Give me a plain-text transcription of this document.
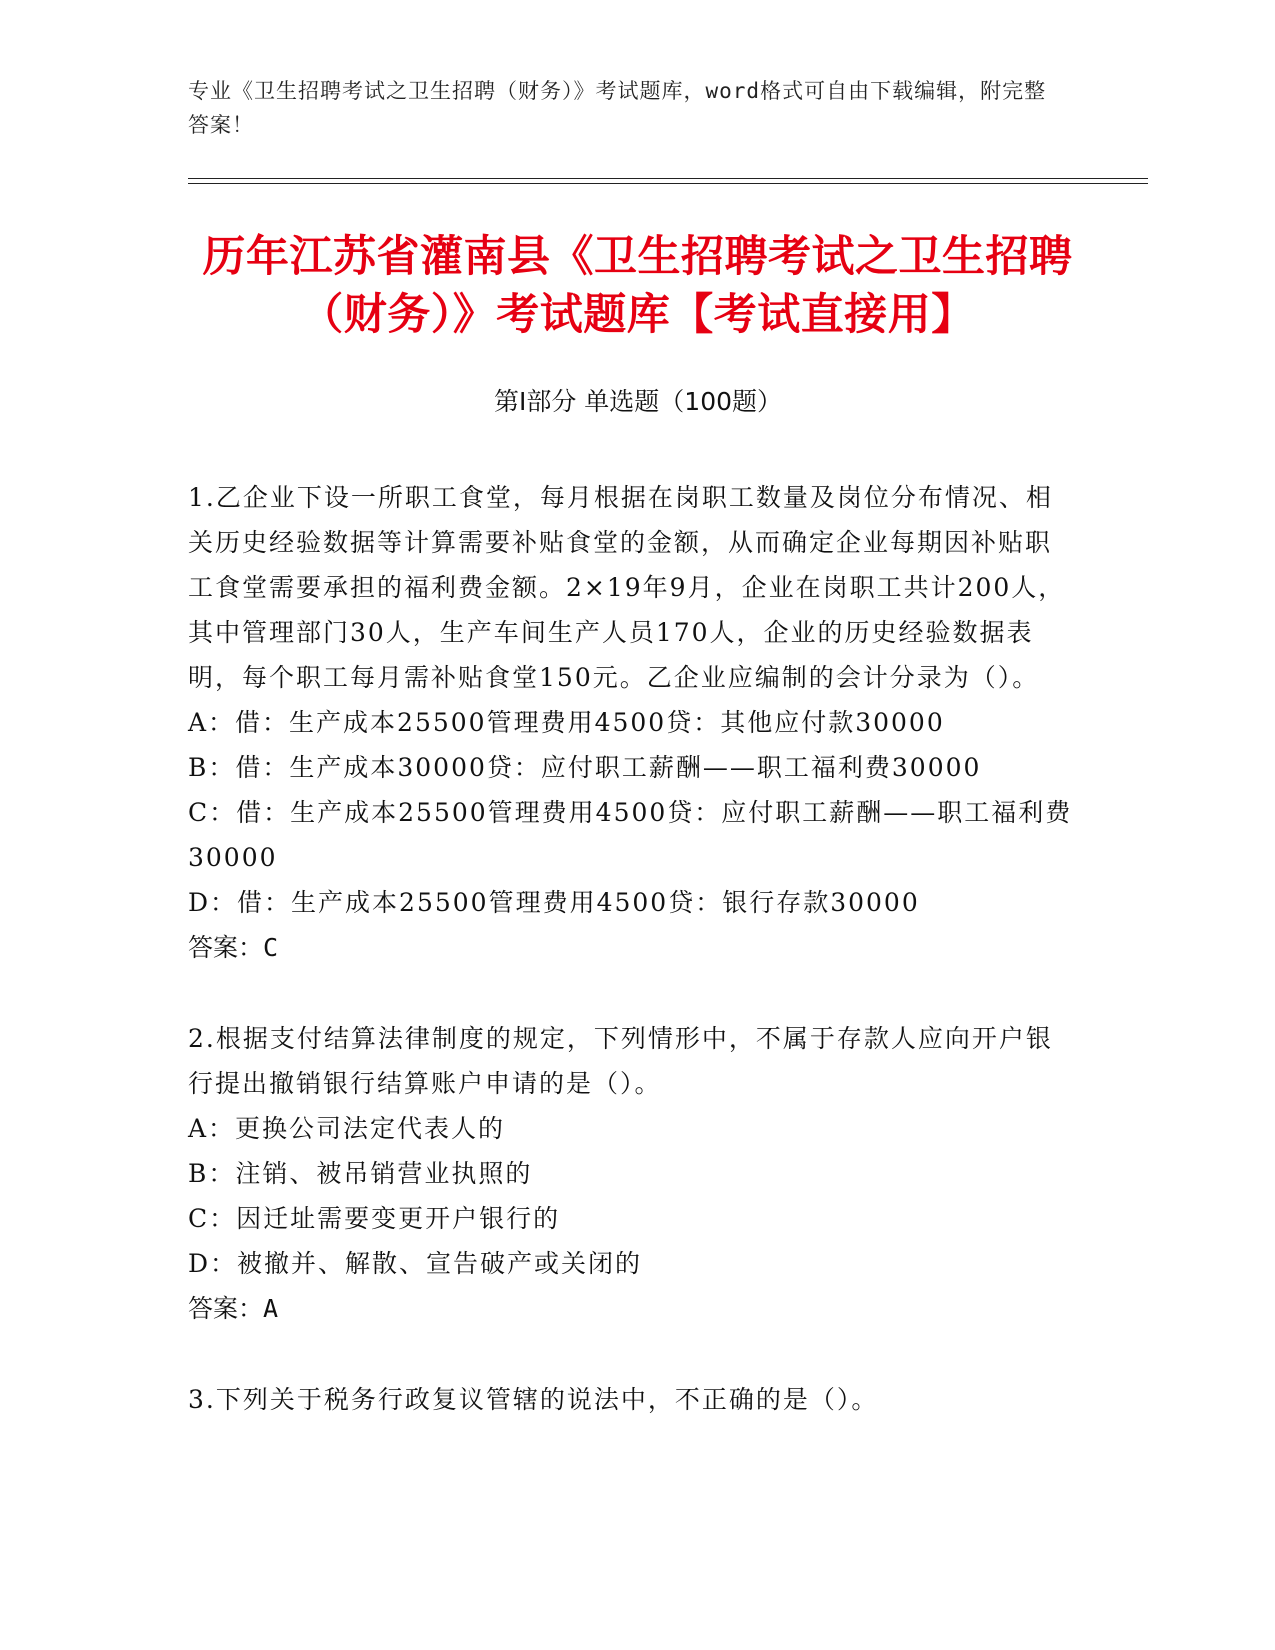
专业《卫生招聘考试之卫生招聘（财务）》考试题库，word格式可自由下载编辑，附完整答案！
历年江苏省灌南县《卫生招聘考试之卫生招聘（财务）》考试题库【考试直接用】
第Ⅰ部分 单选题（100题）

1.乙企业下设一所职工食堂，每月根据在岗职工数量及岗位分布情况、相关历史经验数据等计算需要补贴食堂的金额，从而确定企业每期因补贴职工食堂需要承担的福利费金额。2×19年9月，企业在岗职工共计200人，其中管理部门30人，生产车间生产人员170人，企业的历史经验数据表明，每个职工每月需补贴食堂150元。乙企业应编制的会计分录为（）。

A：借：生产成本25500管理费用4500贷：其他应付款30000

B：借：生产成本30000贷：应付职工薪酬——职工福利费30000

C：借：生产成本25500管理费用4500贷：应付职工薪酬——职工福利费30000

D：借：生产成本25500管理费用4500贷：银行存款30000

答案：C

2.根据支付结算法律制度的规定，下列情形中，不属于存款人应向开户银行提出撤销银行结算账户申请的是（）。

A：更换公司法定代表人的

B：注销、被吊销营业执照的

C：因迁址需要变更开户银行的

D：被撤并、解散、宣告破产或关闭的

答案：A

3.下列关于税务行政复议管辖的说法中，不正确的是（）。
